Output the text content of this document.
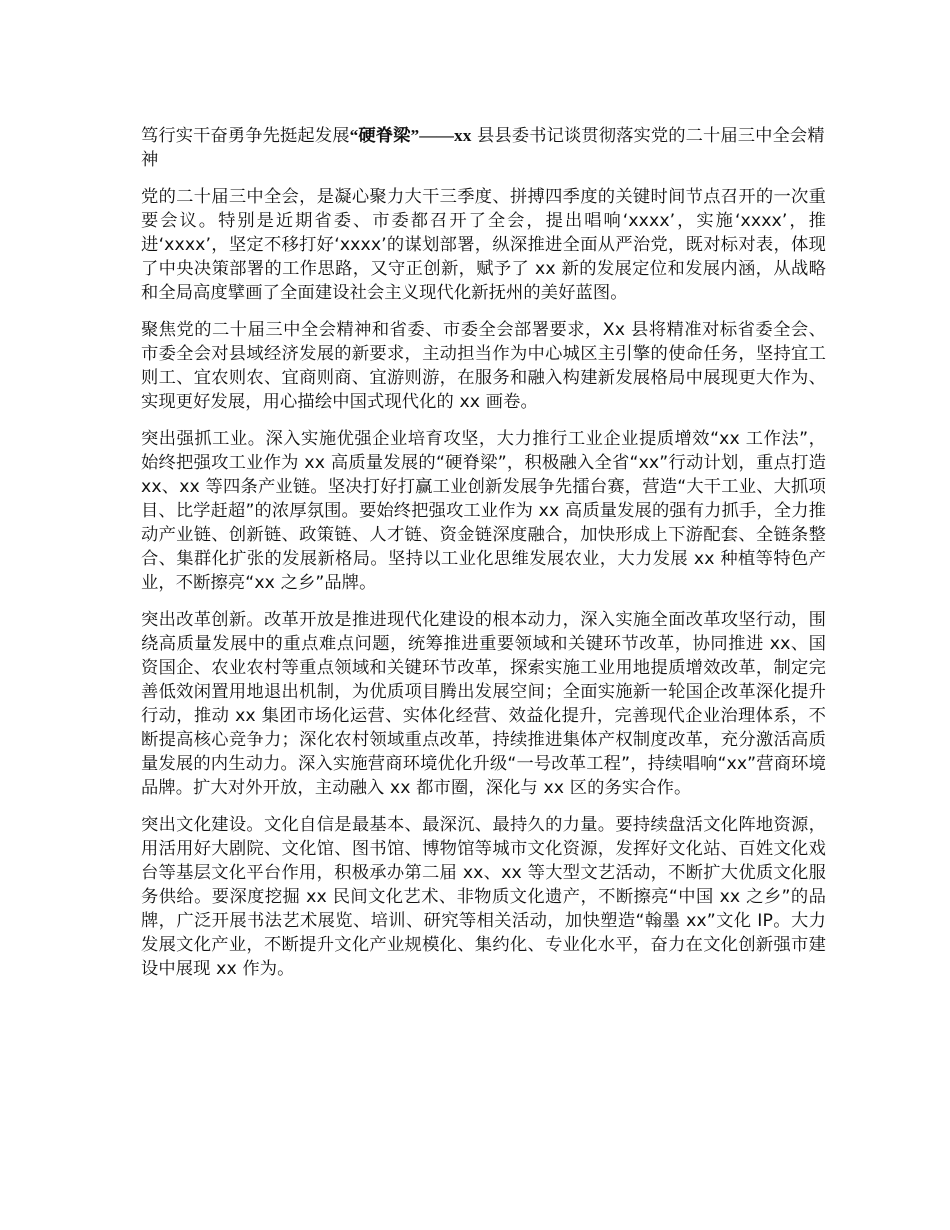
笃行实干奋勇争先挺起发展“硬脊梁”——xx 县县委书记谈贯彻落实党的二十届三中全会精神

党的二十届三中全会，是凝心聚力大干三季度、拼搏四季度的关键时间节点召开的一次重要会议。特别是近期省委、市委都召开了全会，提出唱响‘xxxx’，实施‘xxxx’，推进‘xxxx’，坚定不移打好‘xxxx’的谋划部署，纵深推进全面从严治党，既对标对表，体现了中央决策部署的工作思路，又守正创新，赋予了 xx 新的发展定位和发展内涵，从战略和全局高度擘画了全面建设社会主义现代化新抚州的美好蓝图。

聚焦党的二十届三中全会精神和省委、市委全会部署要求，Xx 县将精准对标省委全会、市委全会对县域经济发展的新要求，主动担当作为中心城区主引擎的使命任务，坚持宜工则工、宜农则农、宜商则商、宜游则游，在服务和融入构建新发展格局中展现更大作为、实现更好发展，用心描绘中国式现代化的 xx 画卷。

突出强抓工业。深入实施优强企业培育攻坚，大力推行工业企业提质增效“xx 工作法”，始终把强攻工业作为 xx 高质量发展的“硬脊梁”，积极融入全省“xx”行动计划，重点打造 xx、xx 等四条产业链。坚决打好打赢工业创新发展争先擂台赛，营造“大干工业、大抓项目、比学赶超”的浓厚氛围。要始终把强攻工业作为 xx 高质量发展的强有力抓手，全力推动产业链、创新链、政策链、人才链、资金链深度融合，加快形成上下游配套、全链条整合、集群化扩张的发展新格局。坚持以工业化思维发展农业，大力发展 xx 种植等特色产业，不断擦亮“xx 之乡”品牌。

突出改革创新。改革开放是推进现代化建设的根本动力，深入实施全面改革攻坚行动，围绕高质量发展中的重点难点问题，统筹推进重要领域和关键环节改革，协同推进 xx、国资国企、农业农村等重点领域和关键环节改革，探索实施工业用地提质增效改革，制定完善低效闲置用地退出机制，为优质项目腾出发展空间；全面实施新一轮国企改革深化提升行动，推动 xx 集团市场化运营、实体化经营、效益化提升，完善现代企业治理体系，不断提高核心竞争力；深化农村领域重点改革，持续推进集体产权制度改革，充分激活高质量发展的内生动力。深入实施营商环境优化升级“一号改革工程”，持续唱响“xx”营商环境品牌。扩大对外开放，主动融入 xx 都市圈，深化与 xx 区的务实合作。

突出文化建设。文化自信是最基本、最深沉、最持久的力量。要持续盘活文化阵地资源，用活用好大剧院、文化馆、图书馆、博物馆等城市文化资源，发挥好文化站、百姓文化戏台等基层文化平台作用，积极承办第二届 xx、xx 等大型文艺活动，不断扩大优质文化服务供给。要深度挖掘 xx 民间文化艺术、非物质文化遗产，不断擦亮“中国 xx 之乡”的品牌，广泛开展书法艺术展览、培训、研究等相关活动，加快塑造“翰墨 xx”文化 IP。大力发展文化产业，不断提升文化产业规模化、集约化、专业化水平，奋力在文化创新强市建设中展现 xx 作为。
